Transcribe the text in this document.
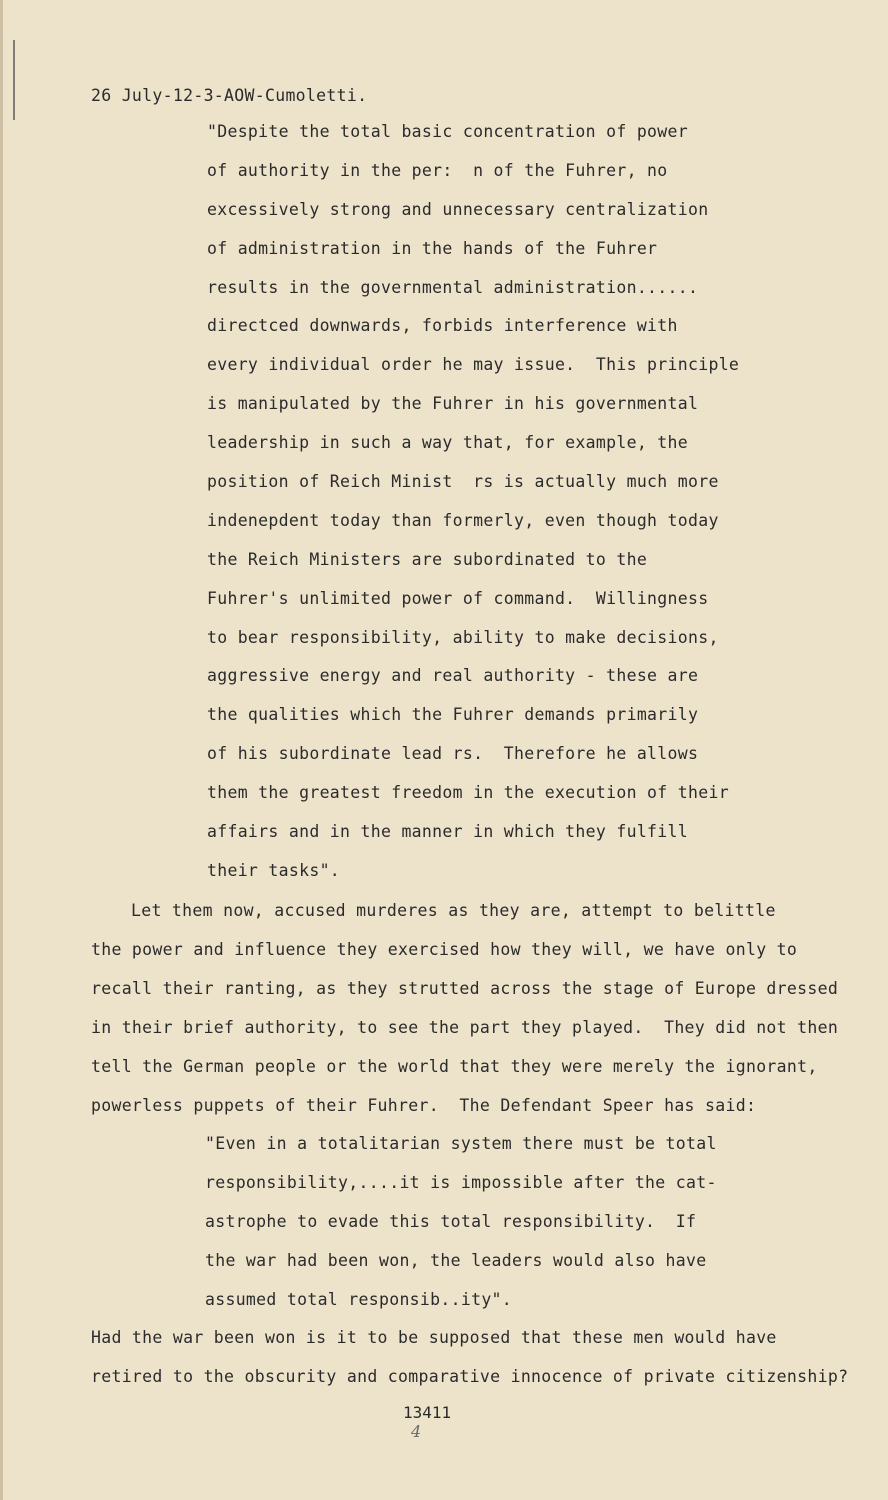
26 July-12-3-AOW-Cumoletti.
"Despite the total basic concentration of power
of authority in the per:  n of the Fuhrer, no
excessively strong and unnecessary centralization
of administration in the hands of the Fuhrer
results in the governmental administration......
directced downwards, forbids interference with
every individual order he may issue.  This principle
is manipulated by the Fuhrer in his governmental
leadership in such a way that, for example, the
position of Reich Minist  rs is actually much more
indenepdent today than formerly, even though today
the Reich Ministers are subordinated to the
Fuhrer's unlimited power of command.  Willingness
to bear responsibility, ability to make decisions,
aggressive energy and real authority - these are
the qualities which the Fuhrer demands primarily
of his subordinate lead rs.  Therefore he allows
them the greatest freedom in the execution of their
affairs and in the manner in which they fulfill
their tasks".
Let them now, accused murderes as they are, attempt to belittle
the power and influence they exercised how they will, we have only to
recall their ranting, as they strutted across the stage of Europe dressed
in their brief authority, to see the part they played.  They did not then
tell the German people or the world that they were merely the ignorant,
powerless puppets of their Fuhrer.  The Defendant Speer has said:
"Even in a totalitarian system there must be total
responsibility,....it is impossible after the cat-
astrophe to evade this total responsibility.  If
the war had been won, the leaders would also have
assumed total responsib..ity".
Had the war been won is it to be supposed that these men would have
retired to the obscurity and comparative innocence of private citizenship?
13411
4
